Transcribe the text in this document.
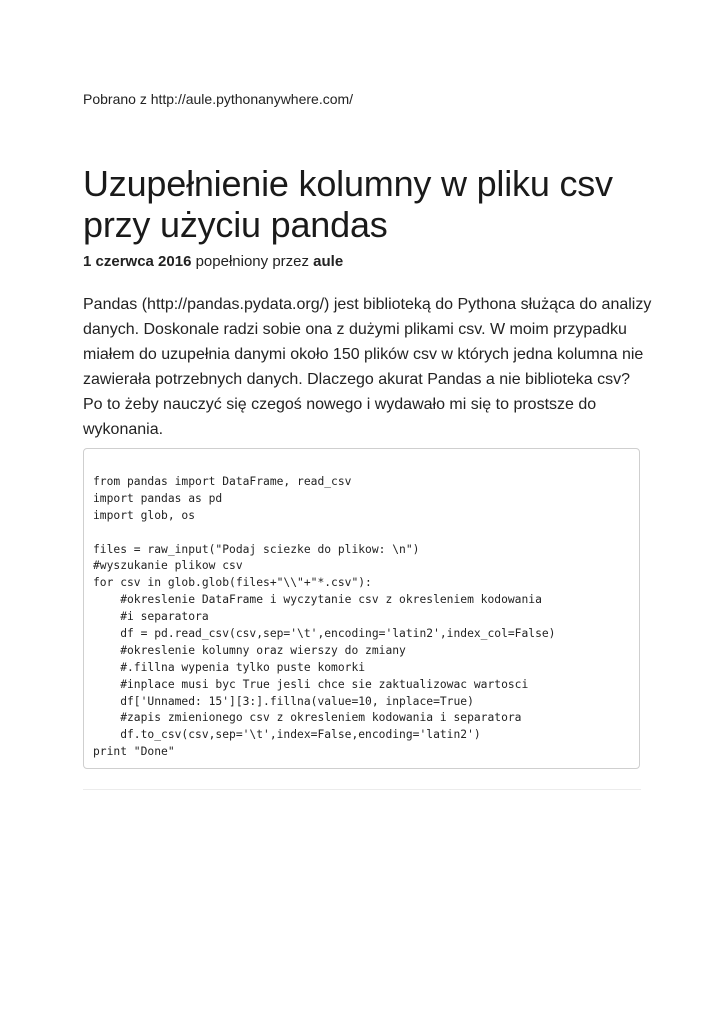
Pobrano z http://aule.pythonanywhere.com/
Uzupełnienie kolumny w pliku csv przy użyciu pandas
1 czerwca 2016 popełniony przez aule

Pandas (http://pandas.pydata.org/) jest biblioteką do Pythona służąca do analizy danych. Doskonale radzi sobie ona z dużymi plikami csv. W moim przypadku miałem do uzupełnia danymi około 150 plików csv w których jedna kolumna nie zawierała potrzebnych danych. Dlaczego akurat Pandas a nie biblioteka csv? Po to żeby nauczyć się czegoś nowego i wydawało mi się to prostsze do wykonania.

from pandas import DataFrame, read_csv
import pandas as pd
import glob, os
files = raw_input("Podaj sciezke do plikow: \n")
#wyszukanie plikow csv
for csv in glob.glob(files+"\\"+"*.csv"):
#okreslenie DataFrame i wyczytanie csv z okresleniem kodowania
#i separatora
df = pd.read_csv(csv,sep='\t',encoding='latin2',index_col=False)
#okreslenie kolumny oraz wierszy do zmiany
#.fillna wypenia tylko puste komorki
#inplace musi byc True jesli chce sie zaktualizowac wartosci
df['Unnamed: 15'][3:].fillna(value=10, inplace=True)
#zapis zmienionego csv z okresleniem kodowania i separatora
df.to_csv(csv,sep='\t',index=False,encoding='latin2')
print "Done"
